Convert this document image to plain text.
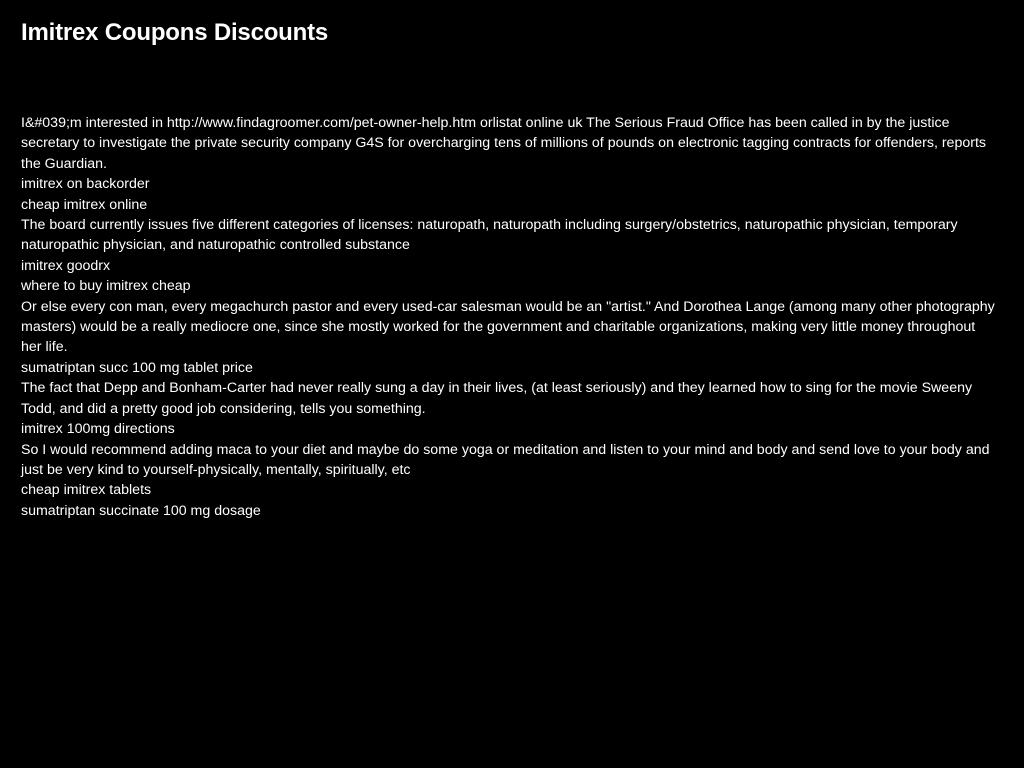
Imitrex Coupons Discounts

I&#039;m interested in http://www.findagroomer.com/pet-owner-help.htm orlistat online uk The Serious Fraud Office has been called in by the justice secretary to investigate the private security company G4S for overcharging tens of millions of pounds on electronic tagging contracts for offenders, reports the Guardian.

imitrex on backorder

cheap imitrex online

The board currently issues five different categories of licenses: naturopath, naturopath including surgery/obstetrics, naturopathic physician, temporary naturopathic physician, and naturopathic controlled substance

imitrex goodrx

where to buy imitrex cheap

Or else every con man, every megachurch pastor and every used-car salesman would be an "artist." And Dorothea Lange (among many other photography masters) would be a really mediocre one, since she mostly worked for the government and charitable organizations, making very little money throughout her life.

sumatriptan succ 100 mg tablet price

The fact that Depp and Bonham-Carter had never really sung a day in their lives, (at least seriously) and they learned how to sing for the movie Sweeny Todd, and did a pretty good job considering, tells you something.

imitrex 100mg directions

So I would recommend adding maca to your diet and maybe do some yoga or meditation and listen to your mind and body and send love to your body and just be very kind to yourself-physically, mentally, spiritually, etc

cheap imitrex tablets

sumatriptan succinate 100 mg dosage
